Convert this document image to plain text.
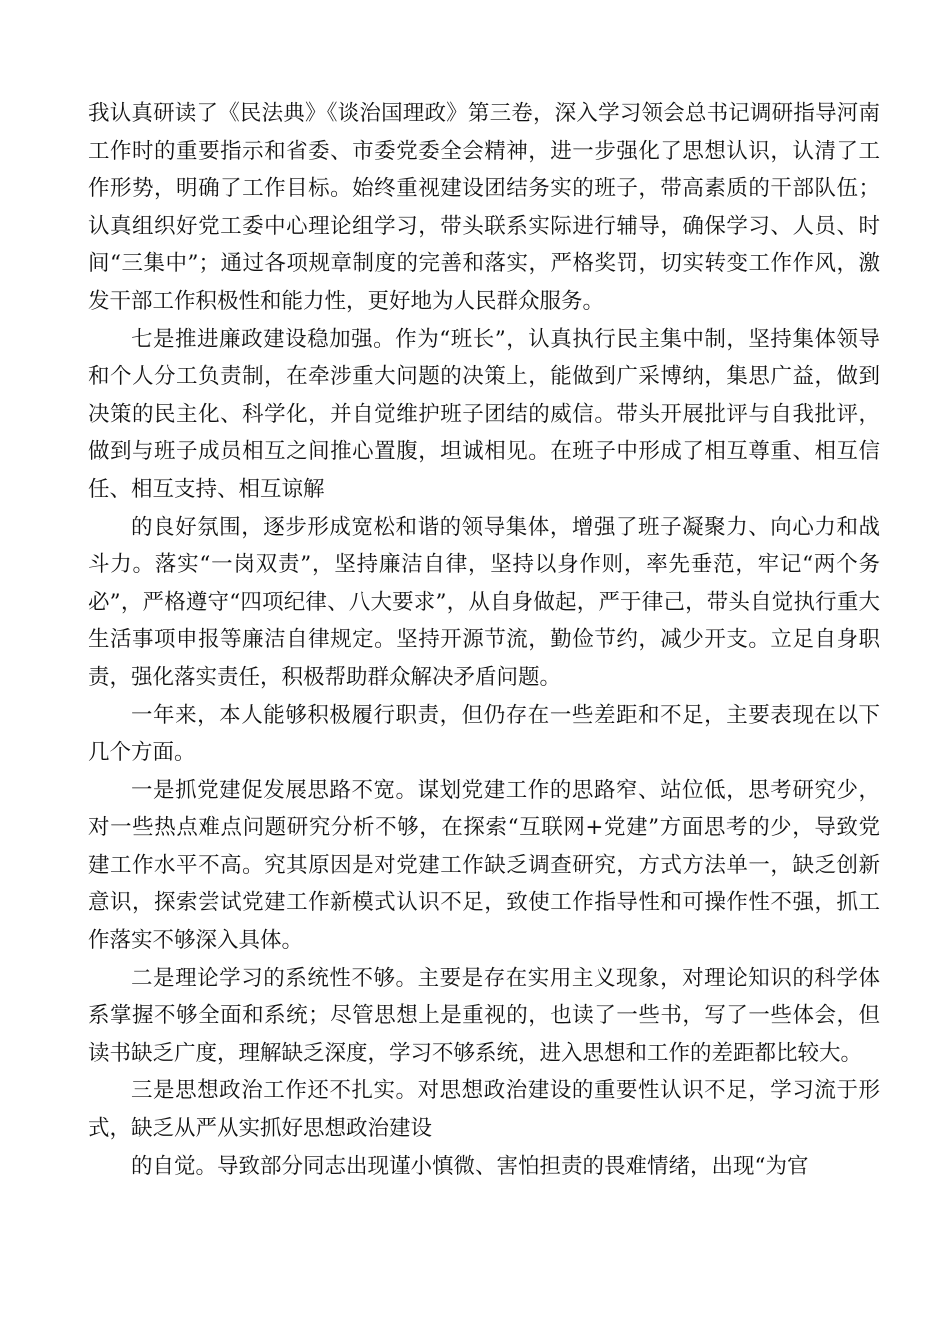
我认真研读了《民法典》《谈治国理政》第三卷，深入学习领会总书记调研指导河南工作时的重要指示和省委、市委党委全会精神，进一步强化了思想认识，认清了工作形势，明确了工作目标。始终重视建设团结务实的班子，带高素质的干部队伍；认真组织好党工委中心理论组学习，带头联系实际进行辅导，确保学习、人员、时间“三集中”；通过各项规章制度的完善和落实，严格奖罚，切实转变工作作风，激发干部工作积极性和能力性，更好地为人民群众服务。

七是推进廉政建设稳加强。作为“班长”，认真执行民主集中制，坚持集体领导和个人分工负责制，在牵涉重大问题的决策上，能做到广采博纳，集思广益，做到决策的民主化、科学化，并自觉维护班子团结的威信。带头开展批评与自我批评，做到与班子成员相互之间推心置腹，坦诚相见。在班子中形成了相互尊重、相互信任、相互支持、相互谅解

的良好氛围，逐步形成宽松和谐的领导集体，增强了班子凝聚力、向心力和战斗力。落实“一岗双责”，坚持廉洁自律，坚持以身作则，率先垂范，牢记“两个务必”，严格遵守“四项纪律、八大要求”，从自身做起，严于律己，带头自觉执行重大生活事项申报等廉洁自律规定。坚持开源节流，勤俭节约，减少开支。立足自身职责，强化落实责任，积极帮助群众解决矛盾问题。

一年来，本人能够积极履行职责，但仍存在一些差距和不足，主要表现在以下几个方面。

一是抓党建促发展思路不宽。谋划党建工作的思路窄、站位低，思考研究少，对一些热点难点问题研究分析不够，在探索“互联网+党建”方面思考的少，导致党建工作水平不高。究其原因是对党建工作缺乏调查研究，方式方法单一，缺乏创新意识，探索尝试党建工作新模式认识不足，致使工作指导性和可操作性不强，抓工作落实不够深入具体。

二是理论学习的系统性不够。主要是存在实用主义现象，对理论知识的科学体系掌握不够全面和系统；尽管思想上是重视的，也读了一些书，写了一些体会，但读书缺乏广度，理解缺乏深度，学习不够系统，进入思想和工作的差距都比较大。

三是思想政治工作还不扎实。对思想政治建设的重要性认识不足，学习流于形式，缺乏从严从实抓好思想政治建设

的自觉。导致部分同志出现谨小慎微、害怕担责的畏难情绪，出现“为官
